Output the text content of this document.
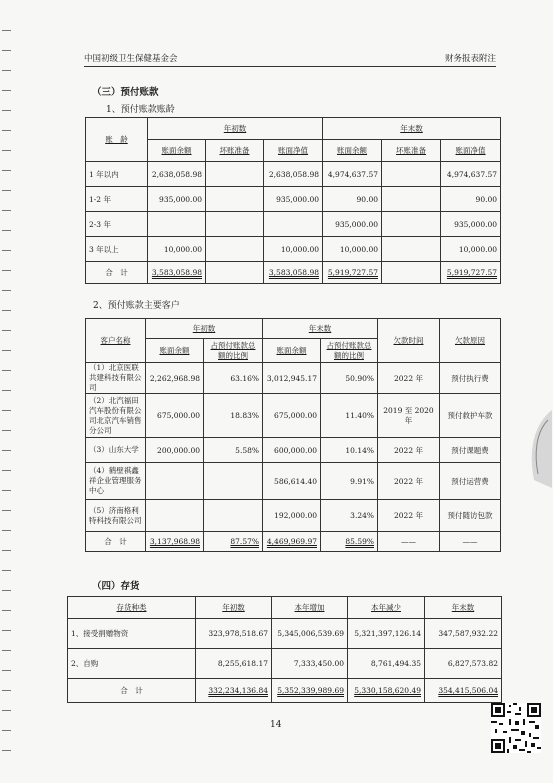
中国初级卫生保健基金会	财务报表附注
（三）预付账款
1、预付账款账龄
账　龄	年初数			年末数		
	账面余额	坏账准备	账面净值	账面余额	坏账准备	账面净值
1 年以内	2,638,058.98		2,638,058.98	4,974,637.57		4,974,637.57
1-2 年	935,000.00		935,000.00	90.00		90.00
2-3 年				935,000.00		935,000.00
3 年以上	10,000.00		10,000.00	10,000.00		10,000.00
合　计	3,583,058.98		3,583,058.98	5,919,727.57		5,919,727.57
2、预付账款主要客户
客户名称	年初数		年末数		欠款时间	欠款原因
	账面余额	占预付账款总额的比例	账面余额	占预付账款总额的比例		
（1）北京医联共建科技有限公司	2,262,968.98	63.16%	3,012,945.17	50.90%	2022 年	预付执行费
（2）北汽福田汽车股份有限公司北京汽车销售分公司	675,000.00	18.83%	675,000.00	11.40%	2019 至 2020 年	预付救护车款
（3）山东大学	200,000.00	5.58%	600,000.00	10.14%	2022 年	预付课题费
（4）鹤壁祺鑫祥企业管理服务中心			586,614.40	9.91%	2022 年	预付运营费
（5）济南格利特科技有限公司			192,000.00	3.24%	2022 年	预付随访包款
合　计	3,137,968.98	87.57%	4,469,969.97	85.59%	——	——
（四）存货
存货种类	年初数	本年增加	本年减少	年末数
1、接受捐赠物资	323,978,518.67	5,345,006,539.69	5,321,397,126.14	347,587,932.22
2、自购	8,255,618.17	7,333,450.00	8,761,494.35	6,827,573.82
合　计	332,234,136.84	5,352,339,989.69	5,330,158,620.49	354,415,506.04
14
